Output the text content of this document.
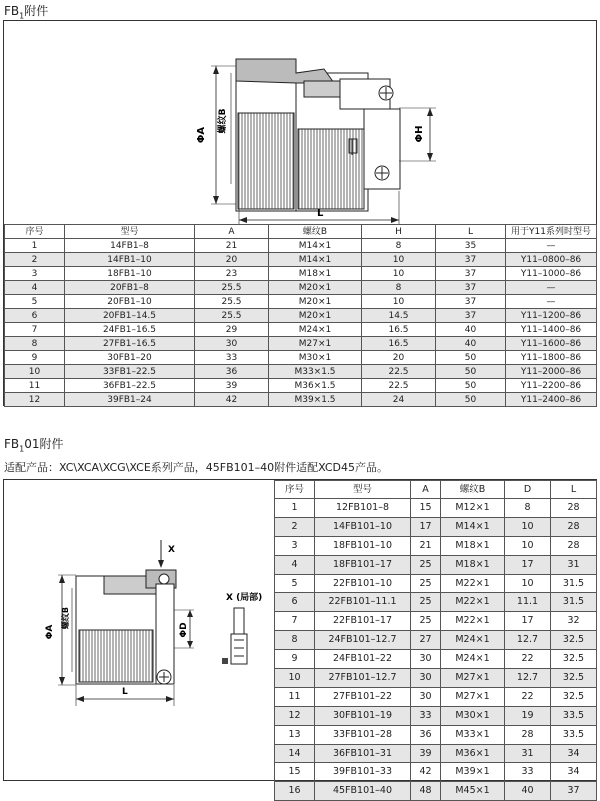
$FB_1$附件
ΦA
螺纹B
ΦH
L
序号	型号	A	螺纹B	H	L	用于Y11系列时型号
1	14FB1–8	21	M14×1	8	35	—
2	14FB1–10	20	M14×1	10	37	Y11–0800–86
3	18FB1–10	23	M18×1	10	37	Y11–1000–86
4	20FB1–8	25.5	M20×1	8	37	—
5	20FB1–10	25.5	M20×1	10	37	—
6	20FB1–14.5	25.5	M20×1	14.5	37	Y11–1200–86
7	24FB1–16.5	29	M24×1	16.5	40	Y11–1400–86
8	27FB1–16.5	30	M27×1	16.5	40	Y11–1600–86
9	30FB1–20	33	M30×1	20	50	Y11–1800–86
10	33FB1–22.5	36	M33×1.5	22.5	50	Y11–2000–86
11	36FB1–22.5	39	M36×1.5	22.5	50	Y11–2200–86
12	39FB1–24	42	M39×1.5	24	50	Y11–2400–86
$FB_101$附件
适配产品：XC\XCA\XCG\XCE系列产品，45FB101–40附件适配XCD45产品。
X
ΦA
螺纹B
ΦD
L
X (局部)
序号	型号	A	螺纹B	D	L
1	12FB101–8	15	M12×1	8	28
2	14FB101–10	17	M14×1	10	28
3	18FB101–10	21	M18×1	10	28
4	18FB101–17	25	M18×1	17	31
5	22FB101–10	25	M22×1	10	31.5
6	22FB101–11.1	25	M22×1	11.1	31.5
7	22FB101–17	25	M22×1	17	32
8	24FB101–12.7	27	M24×1	12.7	32.5
9	24FB101–22	30	M24×1	22	32.5
10	27FB101–12.7	30	M27×1	12.7	32.5
11	27FB101–22	30	M27×1	22	32.5
12	30FB101–19	33	M30×1	19	33.5
13	33FB101–28	36	M33×1	28	33.5
14	36FB101–31	39	M36×1	31	34
15	39FB101–33	42	M39×1	33	34
16	45FB101–40	48	M45×1	40	37
